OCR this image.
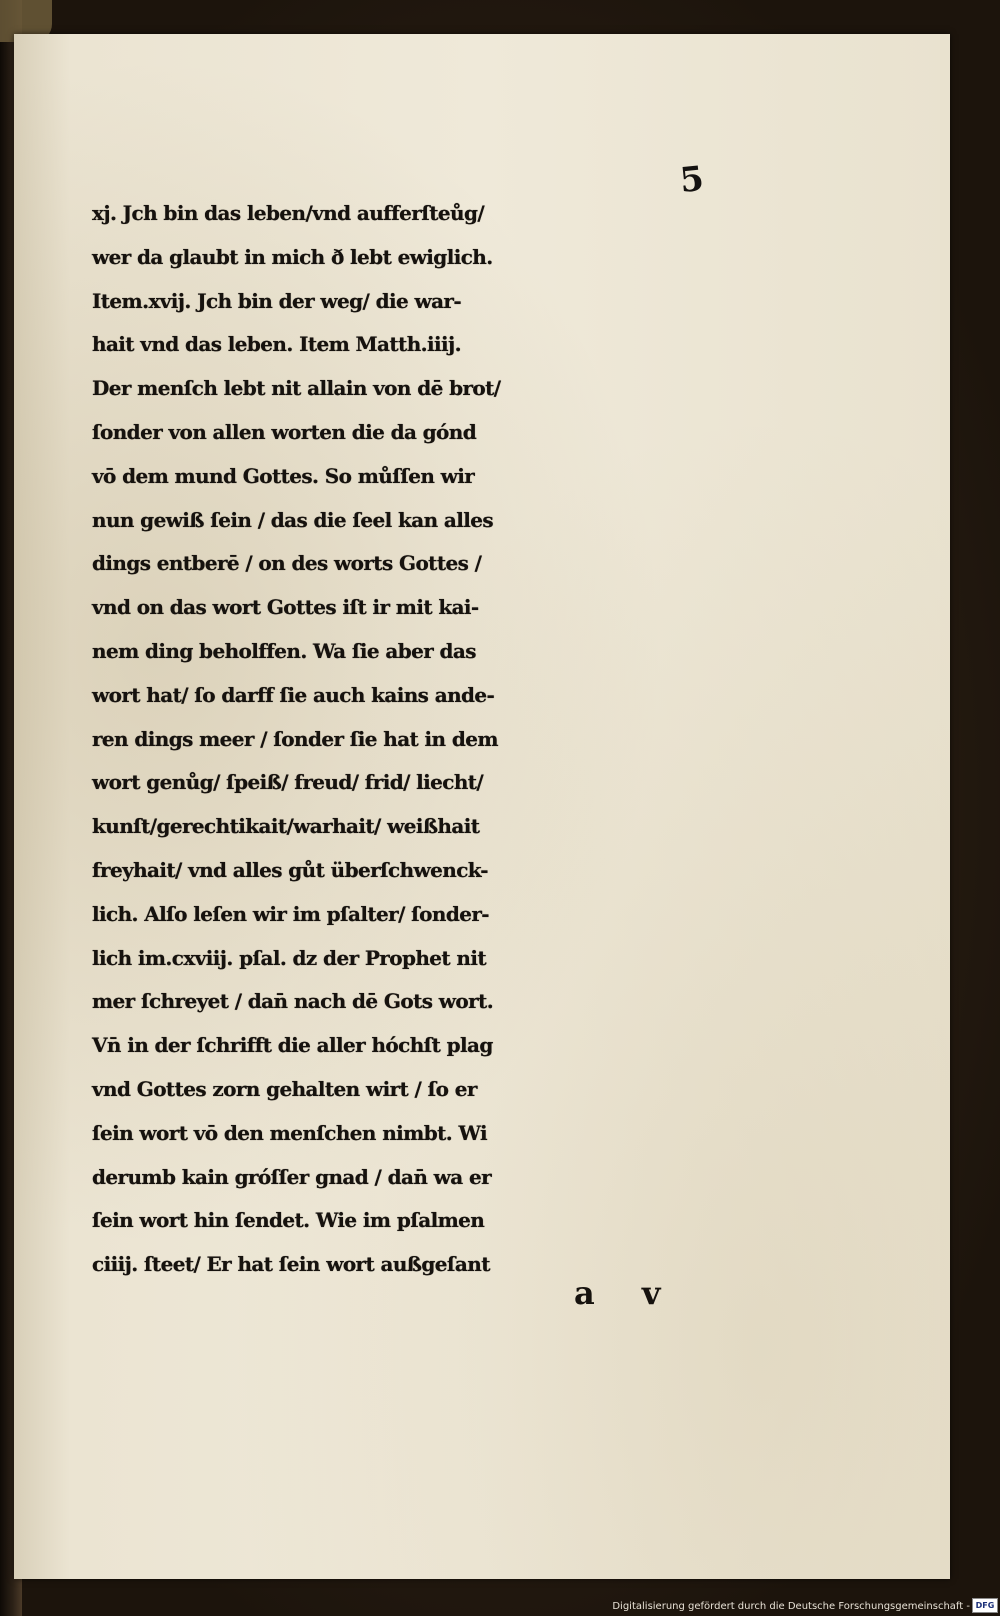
5
xj. Jch bin das leben/vnd aufferſteůg/
wer da glaubt in mich ð lebt ewiglich.
Item.xvij. Jch bin der weg/ die war-
hait vnd das leben. Item Matth.iiij.
Der menſch lebt nit allain von dē brot/
ſonder von allen worten die da gónd
vō dem mund Gottes. So můſſen wir
nun gewiß ſein / das die ſeel kan alles
dings entberē / on des worts Gottes /
vnd on das wort Gottes iſt ir mit kai-
nem ding beholffen. Wa ſie aber das
wort hat/ ſo darff ſie auch kains ande-
ren dings meer / ſonder ſie hat in dem
wort genůg/ ſpeiß/ freud/ frid/ liecht/
kunſt/gerechtikait/warhait/ weißhait
freyhait/ vnd alles gůt überſchwenck-
lich. Alſo leſen wir im pſalter/ ſonder-
lich im.cxviij. pſal. dz der Prophet nit
mer ſchreyet / dan̄ nach dē Gots wort.
Vn̄ in der ſchrifft die aller hóchſt plag
vnd Gottes zorn gehalten wirt / ſo er
ſein wort vō den menſchen nimbt. Wi
derumb kain gróſſer gnad / dan̄ wa er
ſein wort hin ſendet. Wie im pſalmen
ciiij. ſteet/ Er hat ſein wort außgeſant
a v
Digitalisierung gefördert durch die Deutsche Forschungsgemeinschaft - DFG
